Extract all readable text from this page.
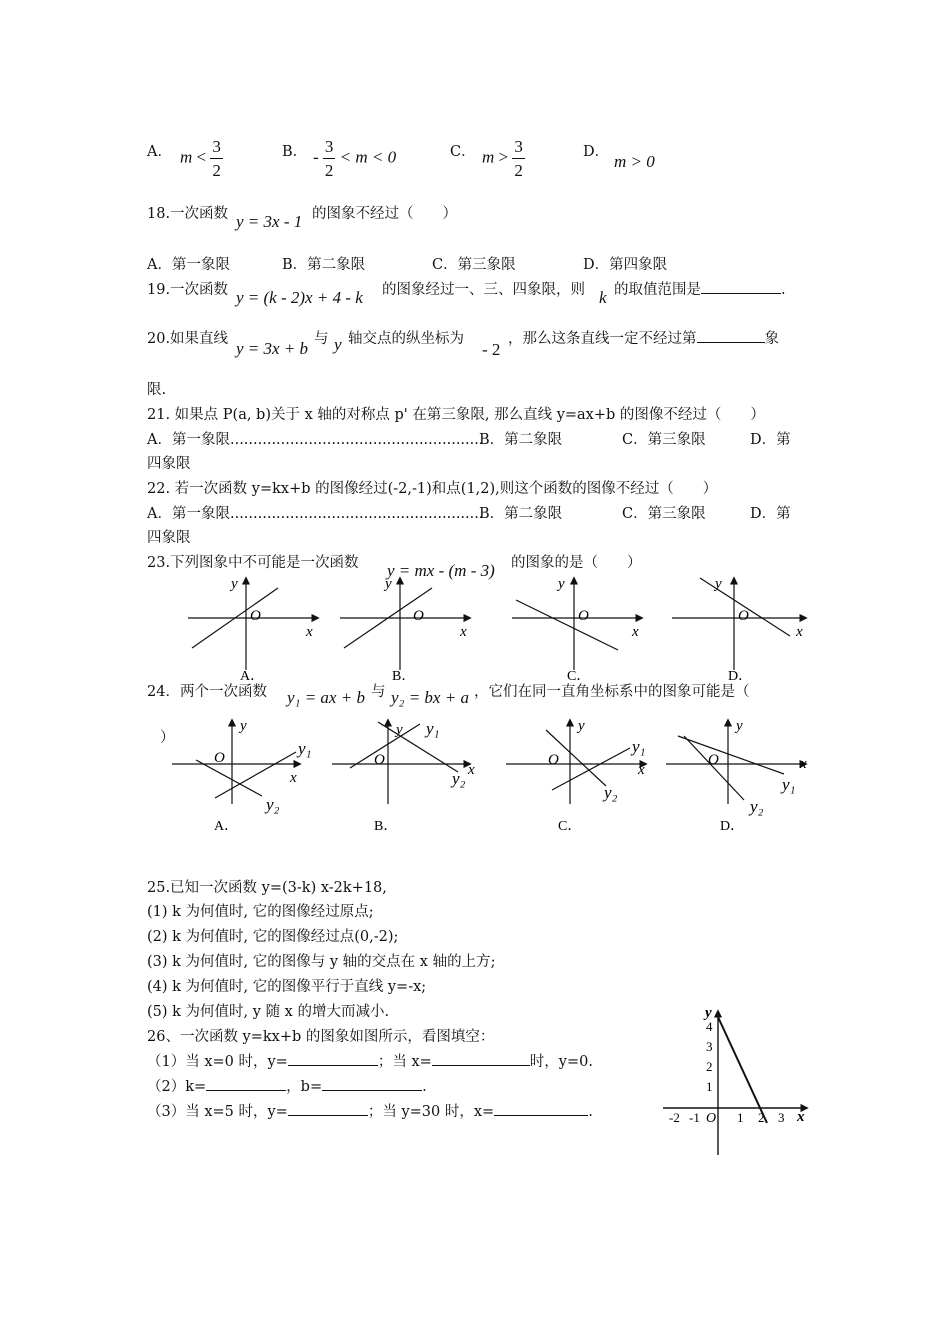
A． $m < \frac{3}{2}$	B． - $\frac{3}{2} < m < 0$	C． $m > \frac{3}{2}$	D． m > 0
18.一次函数 y = 3x - 1 的图象不经过（　　）
A．第一象限	B．第二象限	C．第三象限	D．第四象限
19.一次函数 y = (k - 2)x + 4 - k 的图象经过一、三、四象限，则 k 的取值范围是	.
20.如果直线 y = 3x + b 与 y 轴交点的纵坐标为
- 2
，那么这条直线一定不经过第	象
限.
21. 如果点 P(a, b)关于 x 轴的对称点 p' 在第三象限, 那么直线 y=ax+b 的图像不经过（　　）
A．第一象限.......................................................
B．第二象限	C．第三象限	D．第
四象限
22. 若一次函数 y=kx+b 的图像经过(-2,-1)和点(1,2),则这个函数的图像不经过（　　）
A．第一象限.......................................................
B．第二象限	C．第三象限	D．第
四象限
23.下列图象中不可能是一次函数 y = mx - (m - 3) 的图象的是（　　）
y
O
x
A．
y
O
x
B．
y
O
x
C．
y
O
x
D．
24．两个一次函数 y₁ = ax + b 与 y₂ = bx + a ，它们在同一直角坐标系中的图象可能是（
）
y
O
x
y₁
y₂
A．
y
O
x
y₁
y₂
B．
y
O
x
y₁
y₂
C．
y
O	x
y₁
y₂
D．
25.已知一次函数 y=(3-k) x-2k+18,
(1) k 为何值时, 它的图像经过原点;
(2) k 为何值时, 它的图像经过点(0,-2);
(3) k 为何值时, 它的图像与 y 轴的交点在 x 轴的上方;
(4) k 为何值时, 它的图像平行于直线 y=-x;
(5) k 为何值时, y 随 x 的增大而减小.
26、一次函数 y=kx+b 的图象如图所示，看图填空：
（1）当 x=0 时，y=	；当 x=	时，y=0.
（2）k=	，b=	.
（3）当 x=5 时，y=	；当 y=30 时，x=	.
y
x
O
4
3
2
1
-2 -1	1 2 3
